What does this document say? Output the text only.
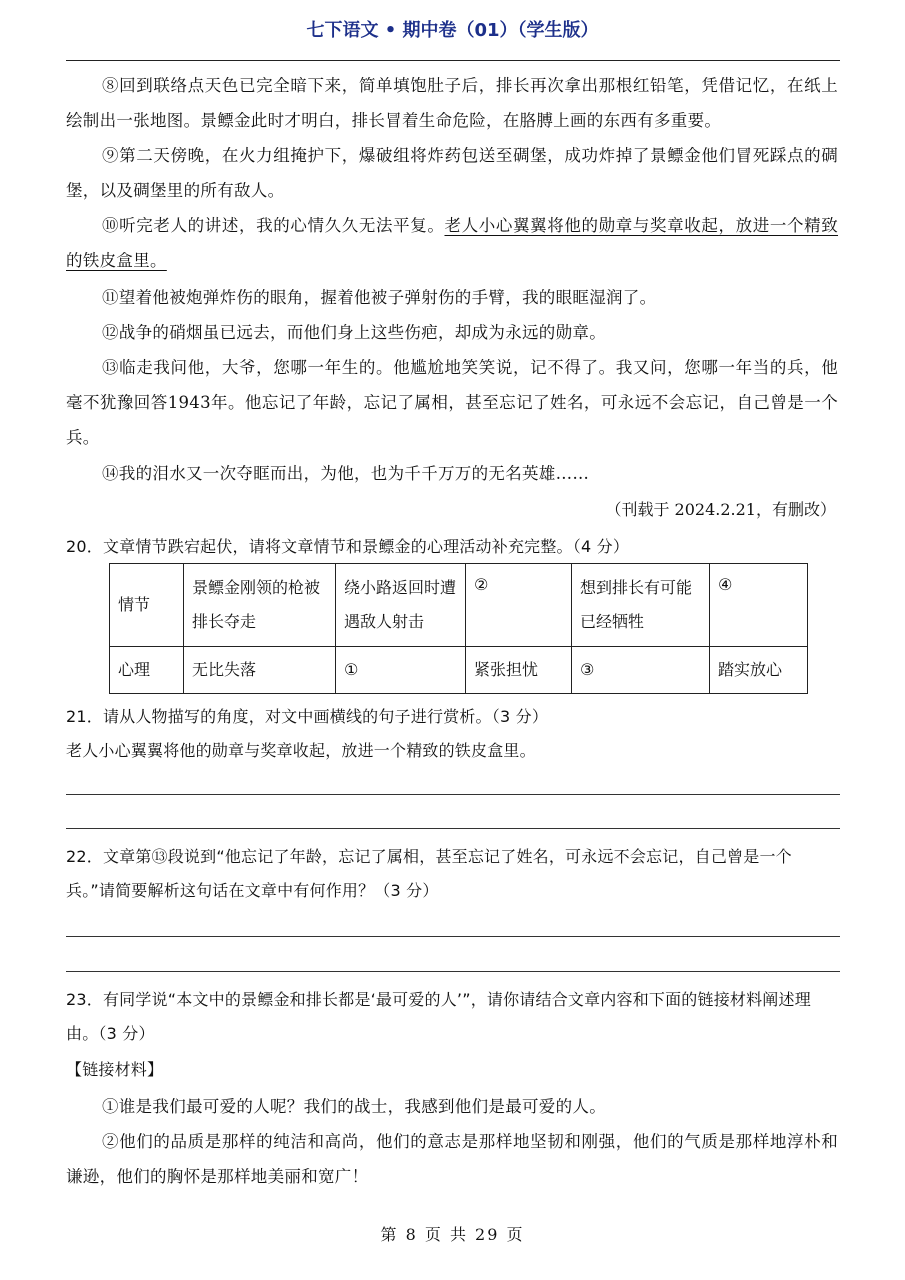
七下语文 • 期中卷（01）（学生版）
⑧回到联络点天色已完全暗下来，简单填饱肚子后，排长再次拿出那根红铅笔，凭借记忆，在纸上绘制出一张地图。景鳔金此时才明白，排长冒着生命危险，在胳膊上画的东西有多重要。
⑨第二天傍晚，在火力组掩护下，爆破组将炸药包送至碉堡，成功炸掉了景鳔金他们冒死踩点的碉堡，以及碉堡里的所有敌人。
⑩听完老人的讲述，我的心情久久无法平复。老人小心翼翼将他的勋章与奖章收起，放进一个精致的铁皮盒里。
⑪望着他被炮弹炸伤的眼角，握着他被子弹射伤的手臂，我的眼眶湿润了。
⑫战争的硝烟虽已远去，而他们身上这些伤疤，却成为永远的勋章。
⑬临走我问他，大爷，您哪一年生的。他尴尬地笑笑说，记不得了。我又问，您哪一年当的兵，他毫不犹豫回答1943年。他忘记了年龄，忘记了属相，甚至忘记了姓名，可永远不会忘记，自己曾是一个兵。
⑭我的泪水又一次夺眶而出，为他，也为千千万万的无名英雄……
（刊载于 2024.2.21，有删改）
20．文章情节跌宕起伏，请将文章情节和景鳔金的心理活动补充完整。（4 分）
情节	景鳔金刚领的枪被排长夺走	绕小路返回时遭遇敌人射击	②	想到排长有可能已经牺牲	④
心理	无比失落	①	紧张担忧	③	踏实放心
21．请从人物描写的角度，对文中画横线的句子进行赏析。（3 分）
老人小心翼翼将他的勋章与奖章收起，放进一个精致的铁皮盒里。
22．文章第⑬段说到“他忘记了年龄，忘记了属相，甚至忘记了姓名，可永远不会忘记，自己曾是一个兵。”请简要解析这句话在文章中有何作用？（3 分）
23．有同学说“本文中的景鳔金和排长都是‘最可爱的人’”，请你请结合文章内容和下面的链接材料阐述理由。（3 分）
【链接材料】
①谁是我们最可爱的人呢？我们的战士，我感到他们是最可爱的人。
②他们的品质是那样的纯洁和高尚，他们的意志是那样地坚韧和刚强，他们的气质是那样地淳朴和谦逊，他们的胸怀是那样地美丽和宽广！
第 8 页 共 29 页
